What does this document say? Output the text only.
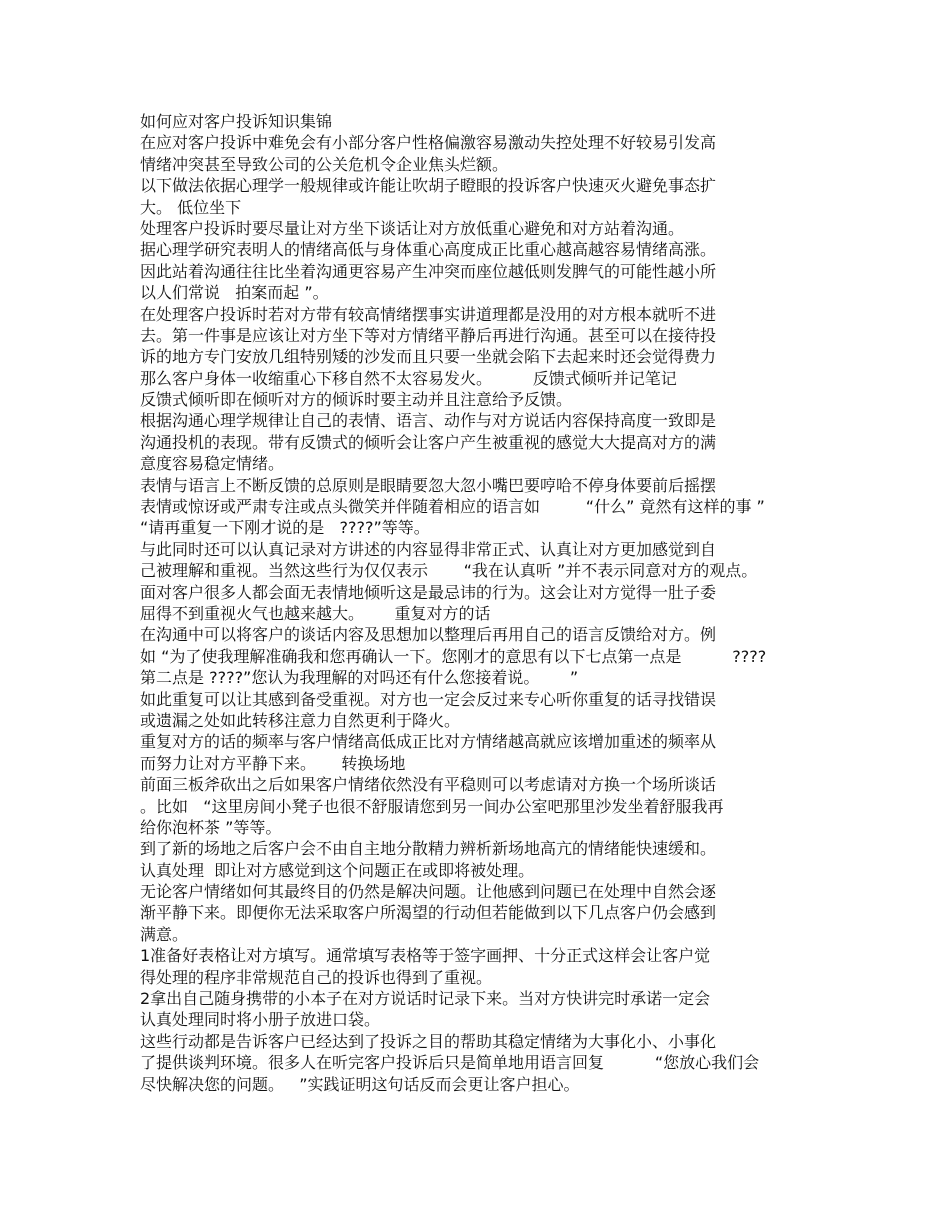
如何应对客户投诉知识集锦
在应对客户投诉中难免会有小部分客户性格偏激容易激动失控处理不好较易引发高
情绪冲突甚至导致公司的公关危机令企业焦头烂额。
以下做法依据心理学一般规律或许能让吹胡子瞪眼的投诉客户快速灭火避免事态扩
大。 低位坐下
处理客户投诉时要尽量让对方坐下谈话让对方放低重心避免和对方站着沟通。
据心理学研究表明人的情绪高低与身体重心高度成正比重心越高越容易情绪高涨。
因此站着沟通往往比坐着沟通更容易产生冲突而座位越低则发脾气的可能性越小所
以人们常说   拍案而起 ”。
在处理客户投诉时若对方带有较高情绪摆事实讲道理都是没用的对方根本就听不进
去。第一件事是应该让对方坐下等对方情绪平静后再进行沟通。甚至可以在接待投
诉的地方专门安放几组特别矮的沙发而且只要一坐就会陷下去起来时还会觉得费力
那么客户身体一收缩重心下移自然不太容易发火。        反馈式倾听并记笔记
反馈式倾听即在倾听对方的倾诉时要主动并且注意给予反馈。
根据沟通心理学规律让自己的表情、语言、动作与对方说话内容保持高度一致即是
沟通投机的表现。带有反馈式的倾听会让客户产生被重视的感觉大大提高对方的满
意度容易稳定情绪。
表情与语言上不断反馈的总原则是眼睛要忽大忽小嘴巴要哼哈不停身体要前后摇摆
表情或惊讶或严肃专注或点头微笑并伴随着相应的语言如         “什么” 竟然有这样的事 ”
“请再重复一下刚才说的是   ????”等等。
与此同时还可以认真记录对方讲述的内容显得非常正式、认真让对方更加感觉到自
己被理解和重视。当然这些行为仅仅表示       “我在认真听 ”并不表示同意对方的观点。
面对客户很多人都会面无表情地倾听这是最忌讳的行为。这会让对方觉得一肚子委
屈得不到重视火气也越来越大。      重复对方的话
在沟通中可以将客户的谈话内容及思想加以整理后再用自己的语言反馈给对方。例
如 “为了使我理解准确我和您再确认一下。您刚才的意思有以下七点第一点是          ????
第二点是 ????”您认为我理解的对吗还有什么您接着说。      ”
如此重复可以让其感到备受重视。对方也一定会反过来专心听你重复的话寻找错误
或遗漏之处如此转移注意力自然更利于降火。
重复对方的话的频率与客户情绪高低成正比对方情绪越高就应该增加重述的频率从
而努力让对方平静下来。     转换场地
前面三板斧砍出之后如果客户情绪依然没有平稳则可以考虑请对方换一个场所谈话
。比如   “这里房间小凳子也很不舒服请您到另一间办公室吧那里沙发坐着舒服我再
给你泡杯茶 ”等等。
到了新的场地之后客户会不由自主地分散精力辨析新场地高亢的情绪能快速缓和。
认真处理  即让对方感觉到这个问题正在或即将被处理。
无论客户情绪如何其最终目的仍然是解决问题。让他感到问题已在处理中自然会逐
渐平静下来。即便你无法采取客户所渴望的行动但若能做到以下几点客户仍会感到
满意。
1准备好表格让对方填写。通常填写表格等于签字画押、十分正式这样会让客户觉
得处理的程序非常规范自己的投诉也得到了重视。
2拿出自己随身携带的小本子在对方说话时记录下来。当对方快讲完时承诺一定会
认真处理同时将小册子放进口袋。
这些行动都是告诉客户已经达到了投诉之目的帮助其稳定情绪为大事化小、小事化
了提供谈判环境。很多人在听完客户投诉后只是简单地用语言回复          “您放心我们会
尽快解决您的问题。   ”实践证明这句话反而会更让客户担心。
